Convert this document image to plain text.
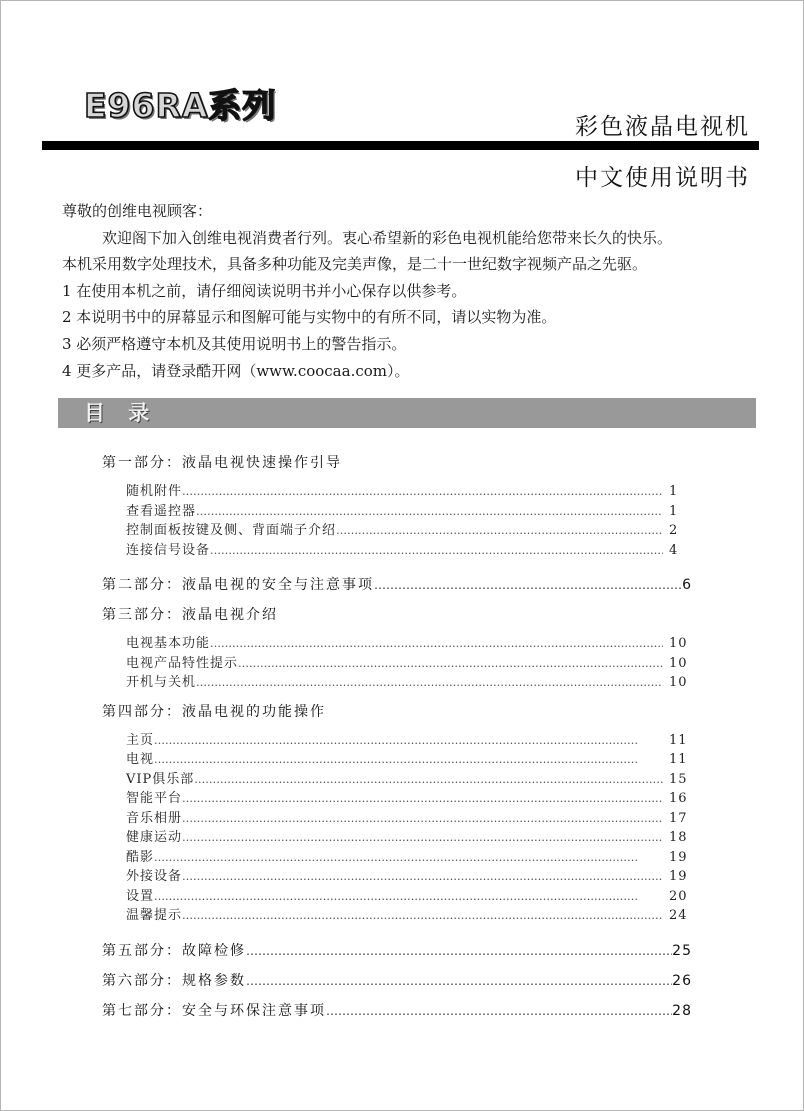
E96RA系列
彩色液晶电视机
中文使用说明书

尊敬的创维电视顾客：

欢迎阁下加入创维电视消费者行列。衷心希望新的彩色电视机能给您带来长久的快乐。

本机采用数字处理技术，具备多种功能及完美声像，是二十一世纪数字视频产品之先驱。

1 在使用本机之前，请仔细阅读说明书并小心保存以供参考。

2 本说明书中的屏幕显示和图解可能与实物中的有所不同，请以实物为准。

3 必须严格遵守本机及其使用说明书上的警告指示。

4 更多产品，请登录酷开网（www.coocaa.com）。

目 录
第一部分：液晶电视快速操作引导
随机附件 ……………………………………………………………………………………………………………………	1
查看遥控器 ……………………………………………………………………………………………………………………	1
控制面板按键及侧、背面端子介绍 ……………………………………………………………………………………………………………………	2
连接信号设备 ……………………………………………………………………………………………………………………	4
第二部分：液晶电视的安全与注意事项 …………………………………………………………………………………………………………	6
第三部分：液晶电视介绍
电视基本功能 ……………………………………………………………………………………………………………………	10
电视产品特性提示 ……………………………………………………………………………………………………………………	10
开机与关机 ……………………………………………………………………………………………………………………	10
第四部分：液晶电视的功能操作
主页 ……………………………………………………………………………………………………………………	11
电视 ……………………………………………………………………………………………………………………	11
VIP俱乐部 ……………………………………………………………………………………………………………………	15
智能平台 ……………………………………………………………………………………………………………………	16
音乐相册 ……………………………………………………………………………………………………………………	17
健康运动 ……………………………………………………………………………………………………………………	18
酷影 ……………………………………………………………………………………………………………………	19
外接设备 ……………………………………………………………………………………………………………………	19
设置 ……………………………………………………………………………………………………………………	20
温馨提示 ……………………………………………………………………………………………………………………	24
第五部分：故障检修 …………………………………………………………………………………………………………	25
第六部分：规格参数 …………………………………………………………………………………………………………	26
第七部分：安全与环保注意事项 …………………………………………………………………………………………………………	28
